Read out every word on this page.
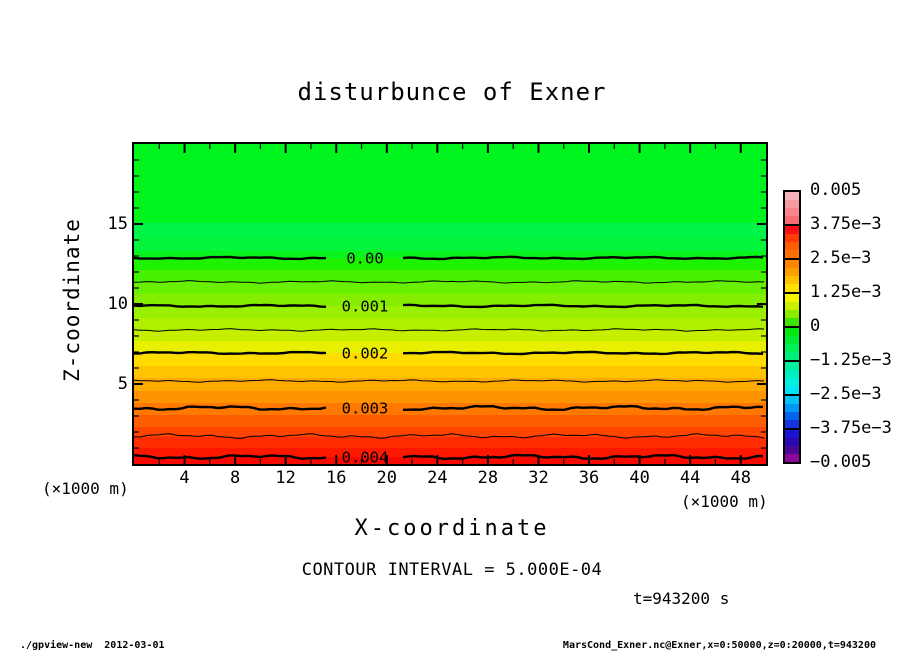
disturbunce of Exner
Z-coordinate	0.00
0.001
0.002
0.003
0.004
5
10
15
4	8	12	16	20	24	28	32	36	40	44	48
(×1000 m)
(×1000 m)
X-coordinate
0.005
3.75e−3
2.5e−3
1.25e−3
0
−1.25e−3
−2.5e−3
−3.75e−3
−0.005
CONTOUR INTERVAL = 5.000E-04
t=943200 s
./gpview-new  2012-03-01	MarsCond_Exner.nc@Exner,x=0:50000,z=0:20000,t=943200
